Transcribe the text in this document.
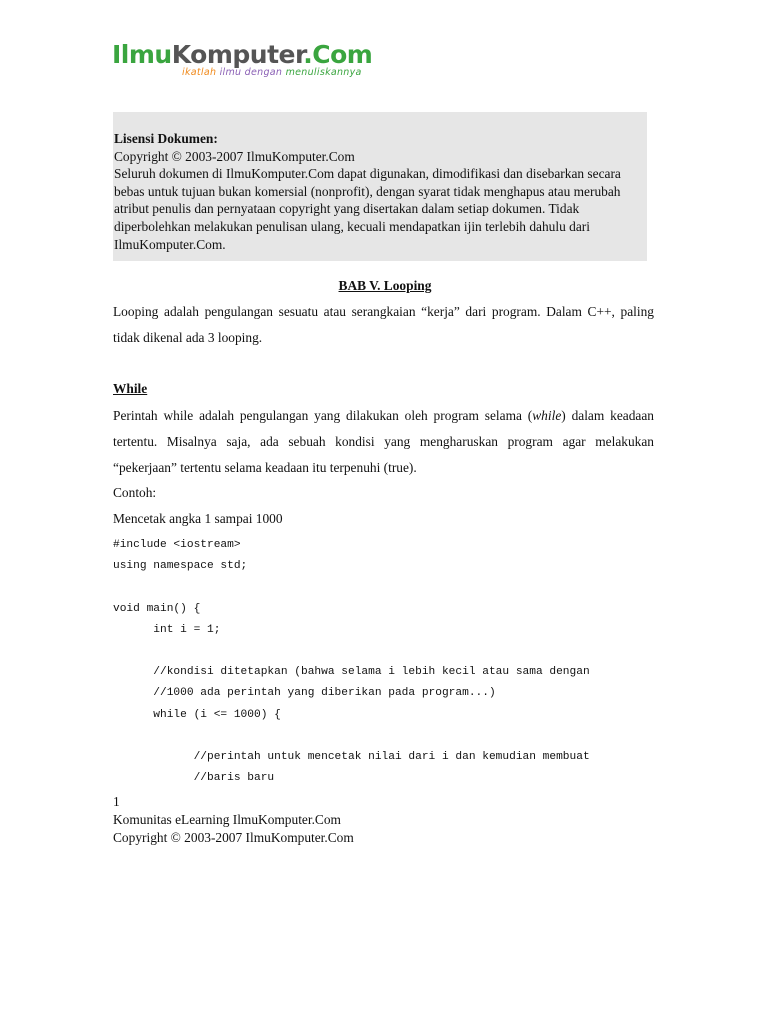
IlmuKomputer.Com
ikatlah ilmu dengan menuliskannya
Lisensi Dokumen:
Copyright © 2003-2007 IlmuKomputer.Com
Seluruh dokumen di IlmuKomputer.Com dapat digunakan, dimodifikasi dan disebarkan secara bebas untuk tujuan bukan komersial (nonprofit), dengan syarat tidak menghapus atau merubah atribut penulis dan pernyataan copyright yang disertakan dalam setiap dokumen. Tidak diperbolehkan melakukan penulisan ulang, kecuali mendapatkan ijin terlebih dahulu dari IlmuKomputer.Com.
BAB V. Looping
Looping adalah pengulangan sesuatu atau serangkaian “kerja” dari program. Dalam C++, paling tidak dikenal ada 3 looping.
While
Perintah while adalah pengulangan yang dilakukan oleh program selama (while) dalam keadaan tertentu. Misalnya saja, ada sebuah kondisi yang mengharuskan program agar melakukan “pekerjaan” tertentu selama keadaan itu terpenuhi (true).
Contoh:
Mencetak angka 1 sampai 1000
#include <iostream>
using namespace std;

void main() {
int i = 1;

//kondisi ditetapkan (bahwa selama i lebih kecil atau sama dengan
//1000 ada perintah yang diberikan pada program...)
while (i <= 1000) {

//perintah untuk mencetak nilai dari i dan kemudian membuat
//baris baru
1
Komunitas eLearning IlmuKomputer.Com
Copyright © 2003-2007 IlmuKomputer.Com
